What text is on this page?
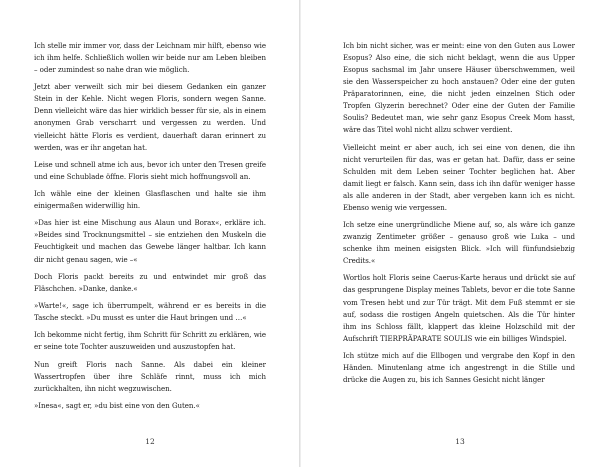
Ich stelle mir immer vor, dass der Leichnam mir hilft, ebenso wie ich ihm helfe. Schließlich wollen wir beide nur am Leben bleiben – oder zumindest so nahe dran wie möglich.

Jetzt aber verweilt sich mir bei diesem Gedanken ein ganzer Stein in der Kehle. Nicht wegen Floris, sondern wegen Sanne. Denn vielleicht wäre das hier wirklich besser für sie, als in einem anonymen Grab verscharrt und vergessen zu werden. Und vielleicht hätte Floris es verdient, dauerhaft daran erinnert zu werden, was er ihr angetan hat.

Leise und schnell atme ich aus, bevor ich unter den Tresen greife und eine Schublade öffne. Floris sieht mich hoffnungsvoll an.

Ich wähle eine der kleinen Glasflaschen und halte sie ihm einigermaßen widerwillig hin.

»Das hier ist eine Mischung aus Alaun und Borax«, erkläre ich. »Beides sind Trocknungsmittel – sie entziehen den Muskeln die Feuchtigkeit und machen das Gewebe länger haltbar. Ich kann dir nicht genau sagen, wie –«

Doch Floris packt bereits zu und entwindet mir groß das Fläschchen. »Danke, danke.«

»Warte!«, sage ich überrumpelt, während er es bereits in die Tasche steckt. »Du musst es unter die Haut bringen und …«

Ich bekomme nicht fertig, ihm Schritt für Schritt zu erklären, wie er seine tote Tochter auszuweiden und auszustopfen hat.

Nun greift Floris nach Sanne. Als dabei ein kleiner Wassertropfen über ihre Schläfe rinnt, muss ich mich zurückhalten, ihn nicht wegzuwischen.

»Inesa«, sagt er, »du bist eine von den Guten.«

12

Ich bin nicht sicher, was er meint: eine von den Guten aus Lower Esopus? Also eine, die sich nicht beklagt, wenn die aus Upper Esopus sachsmal im Jahr unsere Häuser überschwemmen, weil sie den Wasserspeicher zu hoch anstauen? Oder eine der guten Präparatorinnen, eine, die nicht jeden einzelnen Stich oder Tropfen Glyzerin berechnet? Oder eine der Guten der Familie Soulis? Bedeutet man, wie sehr ganz Esopus Creek Mom hasst, wäre das Titel wohl nicht allzu schwer verdient.

Vielleicht meint er aber auch, ich sei eine von denen, die ihn nicht verurteilen für das, was er getan hat. Dafür, dass er seine Schulden mit dem Leben seiner Tochter beglichen hat. Aber damit liegt er falsch. Kann sein, dass ich ihn dafür weniger hasse als alle anderen in der Stadt, aber vergeben kann ich es nicht. Ebenso wenig wie vergessen.

Ich setze eine unergründliche Miene auf, so, als wäre ich ganze zwanzig Zentimeter größer – genauso groß wie Luka – und schenke ihm meinen eisigsten Blick. »Ich will fünfundsiebzig Credits.«

Wortlos holt Floris seine Caerus-Karte heraus und drückt sie auf das gesprungene Display meines Tablets, bevor er die tote Sanne vom Tresen hebt und zur Tür trägt. Mit dem Fuß stemmt er sie auf, sodass die rostigen Angeln quietschen. Als die Tür hinter ihm ins Schloss fällt, klappert das kleine Holzschild mit der Aufschrift TIERPRÄPARATE SOULIS wie ein billiges Windspiel.

Ich stütze mich auf die Ellbogen und vergrabe den Kopf in den Händen. Minutenlang atme ich angestrengt in die Stille und drücke die Augen zu, bis ich Sannes Gesicht nicht länger

13
